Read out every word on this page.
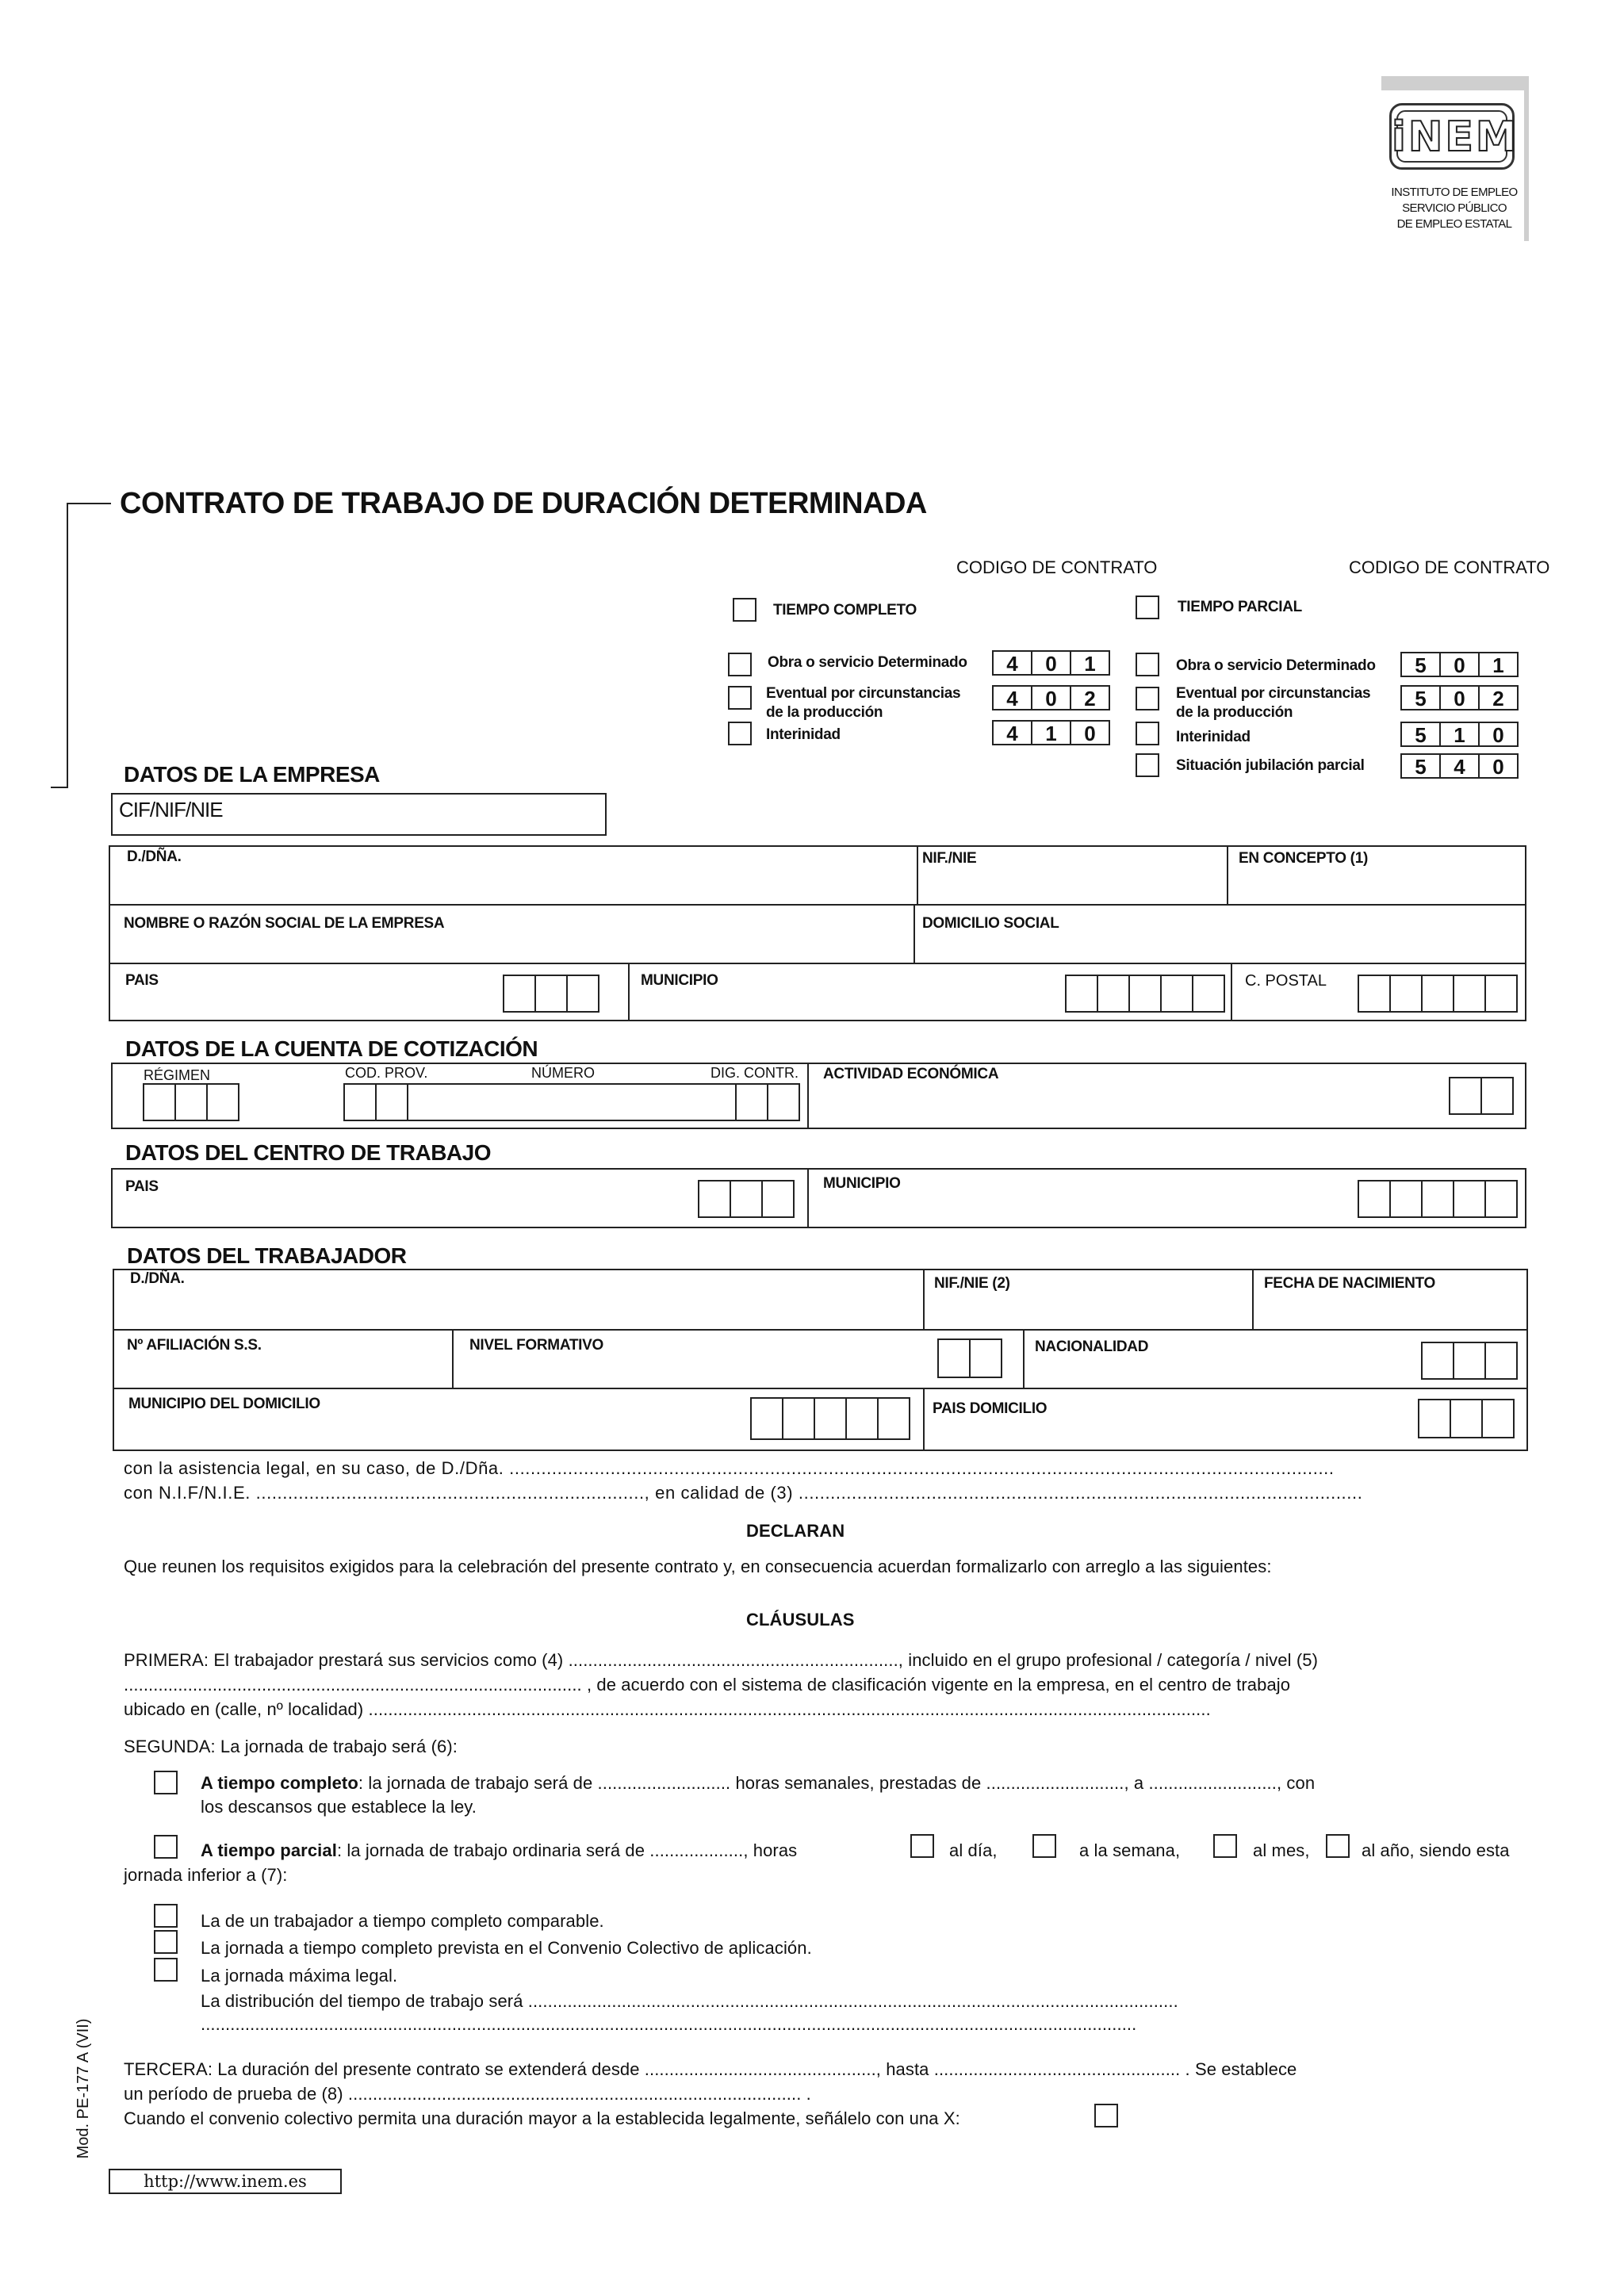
iNEM
INSTITUTO DE EMPLEO
SERVICIO PÚBLICO
DE EMPLEO ESTATAL
CONTRATO DE TRABAJO DE DURACIÓN DETERMINADA
CODIGO DE CONTRATO	CODIGO DE CONTRATO
TIEMPO COMPLETO	TIEMPO PARCIAL
Obra o servicio Determinado	4	0	1
Eventual por circunstancias
de la producción
4	0	2
Interinidad	4	1	0
Obra o servicio Determinado	5	0	1
Eventual por circunstancias
de la producción
5	0	2
Interinidad	5	1	0
Situación jubilación parcial	5	4	0
DATOS DE LA EMPRESA
CIF/NIF/NIE
D./DÑA.	NIF./NIE	EN CONCEPTO (1)
NOMBRE O RAZÓN SOCIAL DE LA EMPRESA	DOMICILIO SOCIAL
PAIS	MUNICIPIO	C. POSTAL
DATOS DE LA CUENTA DE COTIZACIÓN
RÉGIMEN	COD. PROV.	NÚMERO	DIG. CONTR. ACTIVIDAD ECONÓMICA
DATOS DEL CENTRO DE TRABAJO
PAIS	MUNICIPIO
DATOS DEL TRABAJADOR
D./DÑA.	NIF./NIE (2)	FECHA DE NACIMIENTO
Nº AFILIACIÓN S.S.	NIVEL FORMATIVO	NACIONALIDAD
MUNICIPIO DEL DOMICILIO	PAIS DOMICILIO
con la asistencia legal, en su caso, de D./Dña. ...........................................................................................................................................................
con N.I.F/N.I.E. ........................................................................., en calidad de (3) ..........................................................................................................
DECLARAN
Que reunen los requisitos exigidos para la celebración del presente contrato y, en consecuencia acuerdan formalizarlo con arreglo a las siguientes:
CLÁUSULAS
PRIMERA: El trabajador prestará sus servicios como (4) ..................................................................., incluido en el grupo profesional / categoría / nivel (5)
............................................................................................. , de acuerdo con el sistema de clasificación vigente en la empresa, en el centro de trabajo
ubicado en (calle, nº localidad) ...........................................................................................................................................................................
SEGUNDA: La jornada de trabajo será (6):
A tiempo completo: la jornada de trabajo será de ........................... horas semanales, prestadas de ............................, a .........................., con
los descansos que establece la ley.
A tiempo parcial: la jornada de trabajo ordinaria será de ..................., horas	al día,	a la semana,	al mes,	al año, siendo esta
jornada inferior a (7):
La de un trabajador a tiempo completo comparable.
La jornada a tiempo completo prevista en el Convenio Colectivo de aplicación.
La jornada máxima legal.
La distribución del tiempo de trabajo será ....................................................................................................................................
..............................................................................................................................................................................................
TERCERA: La duración del presente contrato se extenderá desde ..............................................., hasta .................................................. . Se establece
un período de prueba de (8) ............................................................................................ .
Cuando el convenio colectivo permita una duración mayor a la establecida legalmente, señálelo con una X:
Mod. PE-177 A (VII)
http://www.inem.es
